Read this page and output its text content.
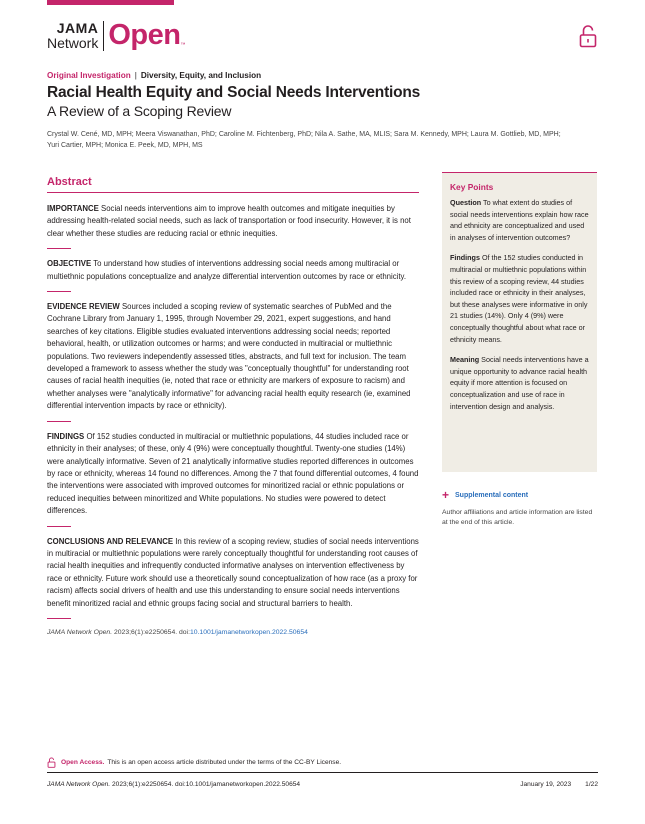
JAMA
Network Open ™
Original Investigation | Diversity, Equity, and Inclusion
Racial Health Equity and Social Needs Interventions
A Review of a Scoping Review
Crystal W. Cené, MD, MPH; Meera Viswanathan, PhD; Caroline M. Fichtenberg, PhD; Nila A. Sathe, MA, MLIS; Sara M. Kennedy, MPH; Laura M. Gottlieb, MD, MPH;
Yuri Cartier, MPH; Monica E. Peek, MD, MPH, MS
Abstract

IMPORTANCE Social needs interventions aim to improve health outcomes and mitigate inequities by addressing health-related social needs, such as lack of transportation or food insecurity. However, it is not clear whether these studies are reducing racial or ethnic inequities.

OBJECTIVE To understand how studies of interventions addressing social needs among multiracial or multiethnic populations conceptualize and analyze differential intervention outcomes by race or ethnicity.

EVIDENCE REVIEW Sources included a scoping review of systematic searches of PubMed and the Cochrane Library from January 1, 1995, through November 29, 2021, expert suggestions, and hand searches of key citations. Eligible studies evaluated interventions addressing social needs; reported behavioral, health, or utilization outcomes or harms; and were conducted in multiracial or multiethnic populations. Two reviewers independently assessed titles, abstracts, and full text for inclusion. The team developed a framework to assess whether the study was "conceptually thoughtful" for understanding root causes of racial health inequities (ie, noted that race or ethnicity are markers of exposure to racism) and whether analyses were "analytically informative" for advancing racial health equity research (ie, examined differential intervention impacts by race or ethnicity).

FINDINGS Of 152 studies conducted in multiracial or multiethnic populations, 44 studies included race or ethnicity in their analyses; of these, only 4 (9%) were conceptually thoughtful. Twenty-one studies (14%) were analytically informative. Seven of 21 analytically informative studies reported differences in outcomes by race or ethnicity, whereas 14 found no differences. Among the 7 that found differential outcomes, 4 found the interventions were associated with improved outcomes for minoritized racial or ethnic populations or reduced inequities between minoritized and White populations. No studies were powered to detect differences.

CONCLUSIONS AND RELEVANCE In this review of a scoping review, studies of social needs interventions in multiracial or multiethnic populations were rarely conceptually thoughtful for understanding root causes of racial health inequities and infrequently conducted informative analyses on intervention effectiveness by race or ethnicity. Future work should use a theoretically sound conceptualization of how race (as a proxy for racism) affects social drivers of health and use this understanding to ensure social needs interventions benefit minoritized racial and ethnic groups facing social and structural barriers to health.

JAMA Network Open. 2023;6(1):e2250654. doi:10.1001/jamanetworkopen.2022.50654
Key Points

Question To what extent do studies of social needs interventions explain how race and ethnicity are conceptualized and used in analyses of intervention outcomes?

Findings Of the 152 studies conducted in multiracial or multiethnic populations within this review of a scoping review, 44 studies included race or ethnicity in their analyses, but these analyses were informative in only 21 studies (14%). Only 4 (9%) were conceptually thoughtful about what race or ethnicity means.

Meaning Social needs interventions have a unique opportunity to advance racial health equity if more attention is focused on conceptualization and use of race in intervention design and analysis.

+ Supplemental content
Author affiliations and article information are listed at the end of this article.
Open Access. This is an open access article distributed under the terms of the CC-BY License.
JAMA Network Open. 2023;6(1):e2250654. doi:10.1001/jamanetworkopen.2022.50654	January 19, 2023 1/22
